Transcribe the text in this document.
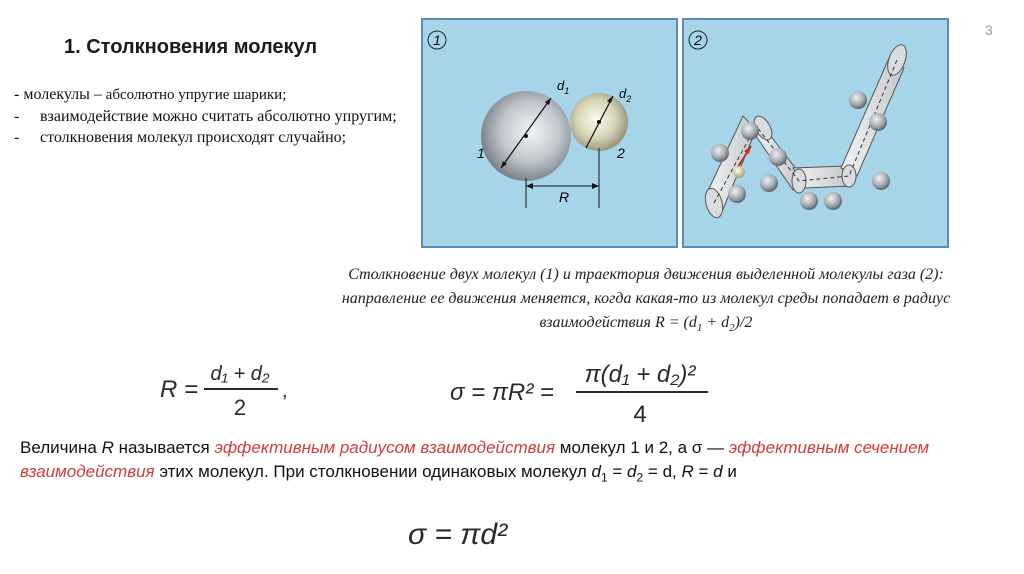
3
1. Столкновения молекул
- молекулы – абсолютно упругие шарики;
- взаимодействие можно считать абсолютно упругим;
- столкновения молекул происходят случайно;
1
$d_1$	$d_2$
1	2
R
2
Столкновение двух молекул (1) и траектория движения выделенной молекулы газа (2):
направление ее движения меняется, когда какая-то из молекул среды попадает в радиус
взаимодействия $R = (d_1 + d_2)/2$
R =
d₁ + d₂
2
,	σ = πR² =
π(d₁ + d₂)²
4
Величина R называется эффективным радиусом взаимодействия молекул 1 и 2, а σ — эффективным сечением взаимодействия этих молекул. При столкновении одинаковых молекул $d_1 = d_2 = d$, R = d и
σ = πd²
